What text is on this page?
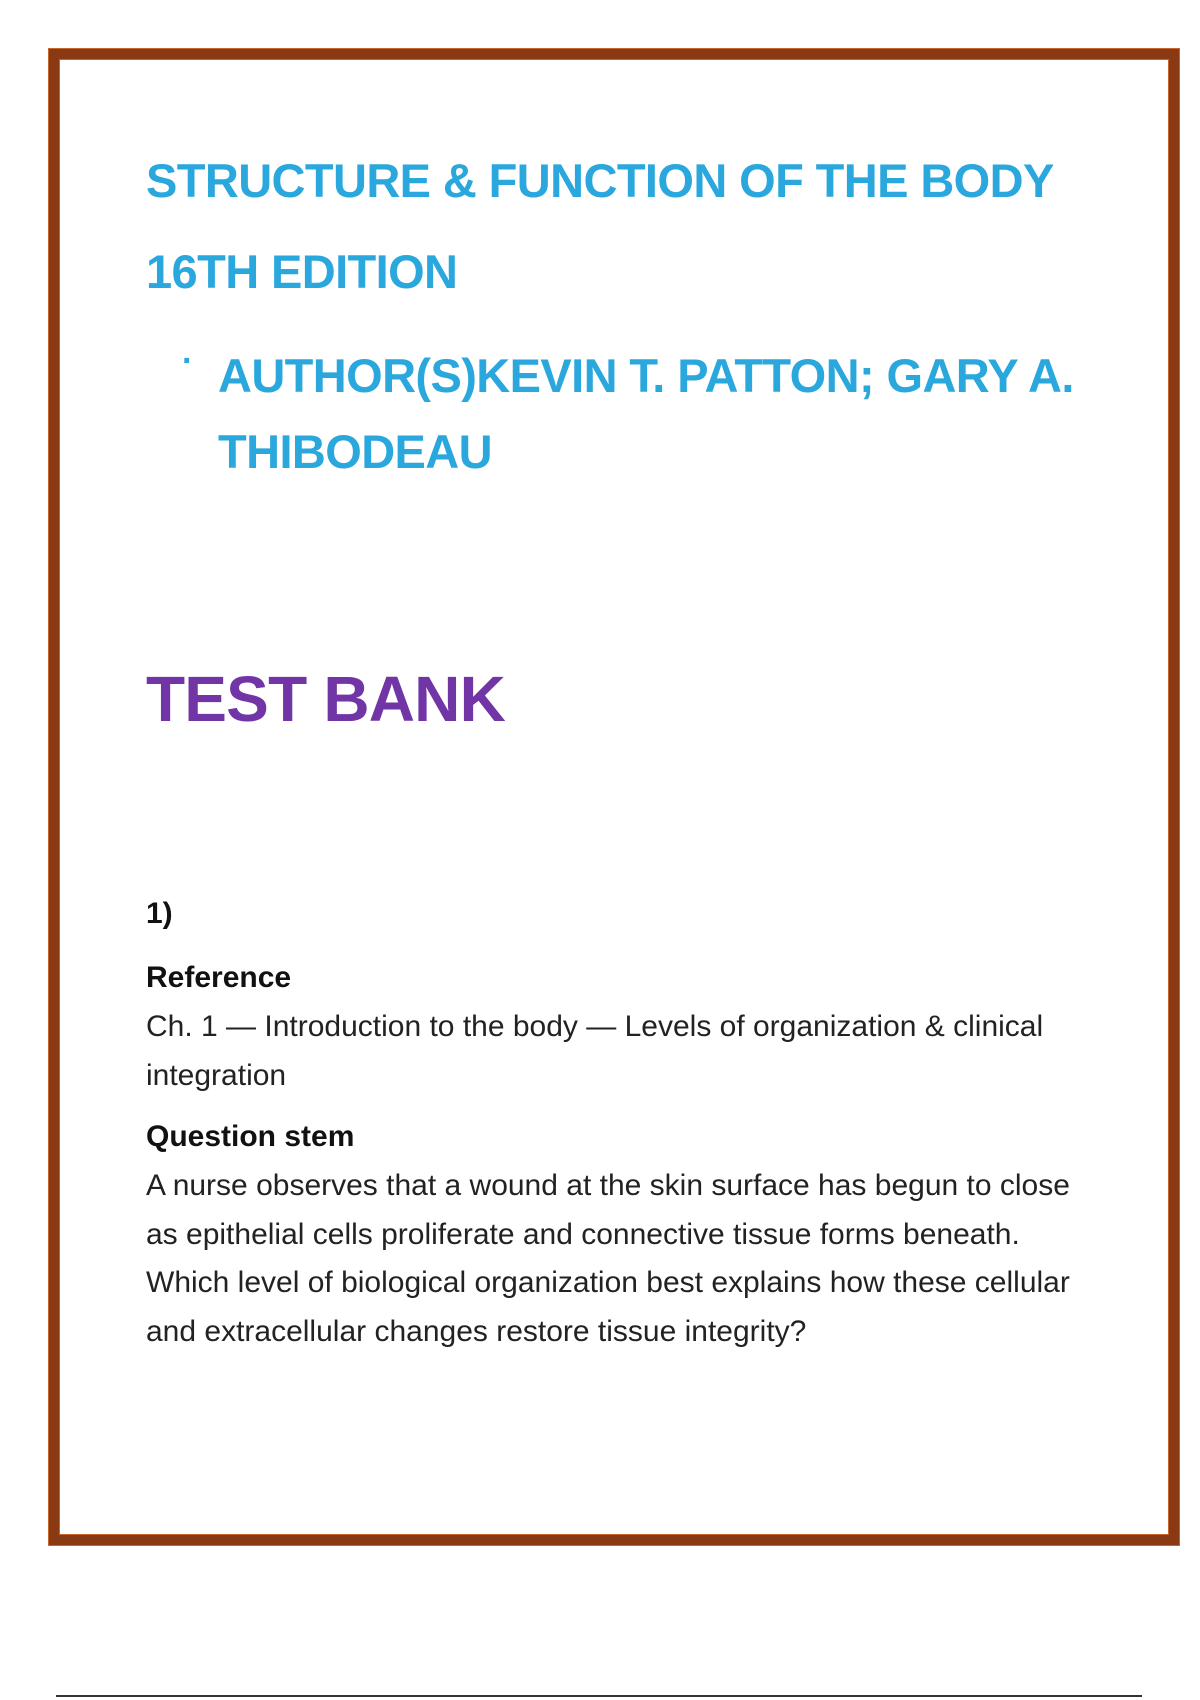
STRUCTURE & FUNCTION OF THE BODY
16TH EDITION
· AUTHOR(S)KEVIN T. PATTON; GARY A. THIBODEAU

TEST BANK

1)

Reference

Ch. 1 — Introduction to the body — Levels of organization & clinical integration

Question stem

A nurse observes that a wound at the skin surface has begun to close as epithelial cells proliferate and connective tissue forms beneath. Which level of biological organization best explains how these cellular and extracellular changes restore tissue integrity?
